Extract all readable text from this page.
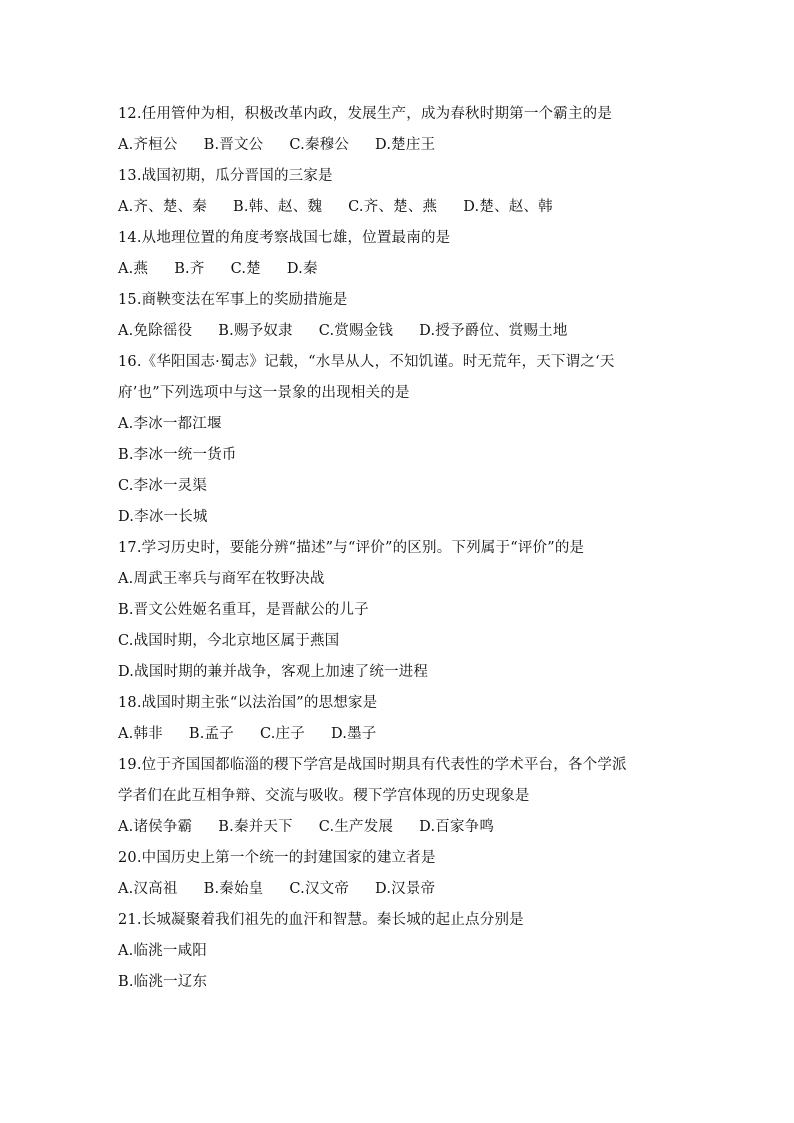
12.任用管仲为相，积极改革内政，发展生产，成为春秋时期第一个霸主的是
A.齐桓公 B.晋文公 C.秦穆公 D.楚庄王
13.战国初期，瓜分晋国的三家是
A.齐、楚、秦 B.韩、赵、魏 C.齐、楚、燕 D.楚、赵、韩
14.从地理位置的角度考察战国七雄，位置最南的是
A.燕 B.齐 C.楚 D.秦
15.商鞅变法在军事上的奖励措施是
A.免除徭役 B.赐予奴隶 C.赏赐金钱 D.授予爵位、赏赐土地
16.《华阳国志·蜀志》记载，“水旱从人，不知饥谨。时无荒年，天下谓之‘天
府’也”下列选项中与这一景象的出现相关的是
A.李冰一都江堰
B.李冰一统一货币
C.李冰一灵渠
D.李冰一长城
17.学习历史时，要能分辨“描述”与“评价”的区别。下列属于“评价”的是
A.周武王率兵与商军在牧野决战
B.晋文公姓姬名重耳，是晋献公的儿子
C.战国时期，今北京地区属于燕国
D.战国时期的兼并战争，客观上加速了统一进程
18.战国时期主张“以法治国”的思想家是
A.韩非 B.孟子 C.庄子 D.墨子
19.位于齐国国都临淄的稷下学宫是战国时期具有代表性的学术平台，各个学派
学者们在此互相争辩、交流与吸收。稷下学宫体现的历史现象是
A.诸侯争霸 B.秦并天下 C.生产发展 D.百家争鸣
20.中国历史上第一个统一的封建国家的建立者是
A.汉高祖 B.秦始皇 C.汉文帝 D.汉景帝
21.长城凝聚着我们祖先的血汗和智慧。秦长城的起止点分别是
A.临洮一咸阳
B.临洮一辽东
